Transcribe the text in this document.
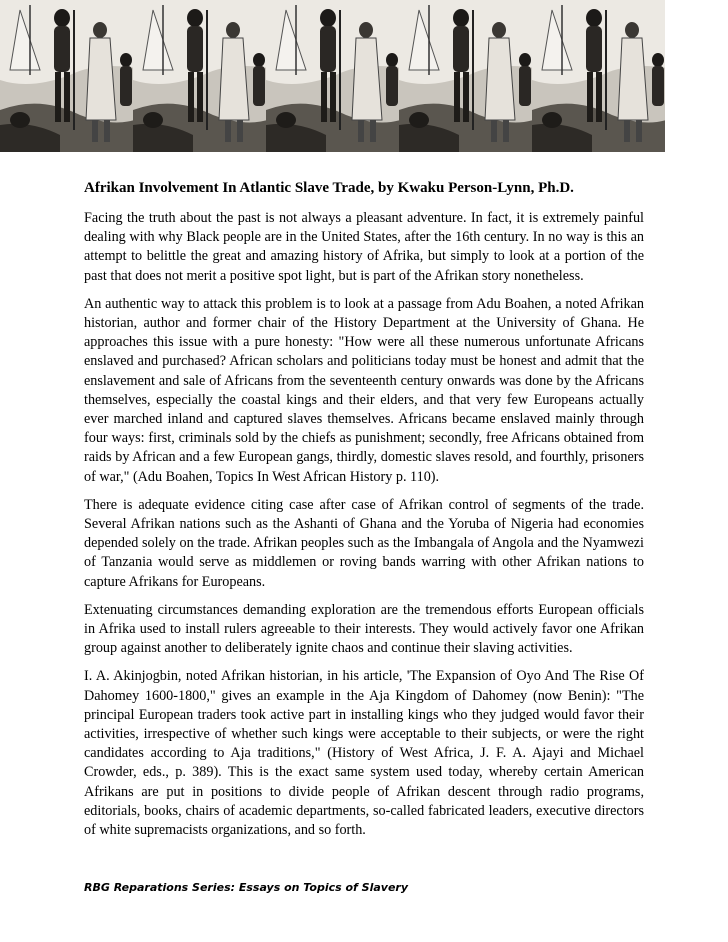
Afrikan Involvement In Atlantic Slave Trade, by Kwaku Person-Lynn, Ph.D.

Facing the truth about the past is not always a pleasant adventure. In fact, it is extremely painful dealing with why Black people are in the United States, after the 16th century. In no way is this an attempt to belittle the great and amazing history of Afrika, but simply to look at a portion of the past that does not merit a positive spot light, but is part of the Afrikan story nonetheless.

An authentic way to attack this problem is to look at a passage from Adu Boahen, a noted Afrikan historian, author and former chair of the History Department at the University of Ghana. He approaches this issue with a pure honesty: "How were all these numerous unfortunate Africans enslaved and purchased? African scholars and politicians today must be honest and admit that the enslavement and sale of Africans from the seventeenth century onwards was done by the Africans themselves, especially the coastal kings and their elders, and that very few Europeans actually ever marched inland and captured slaves themselves. Africans became enslaved mainly through four ways: first, criminals sold by the chiefs as punishment; secondly, free Africans obtained from raids by African and a few European gangs, thirdly, domestic slaves resold, and fourthly, prisoners of war," (Adu Boahen, Topics In West African History p. 110).

There is adequate evidence citing case after case of Afrikan control of segments of the trade. Several Afrikan nations such as the Ashanti of Ghana and the Yoruba of Nigeria had economies depended solely on the trade. Afrikan peoples such as the Imbangala of Angola and the Nyamwezi of Tanzania would serve as middlemen or roving bands warring with other Afrikan nations to capture Afrikans for Europeans.

Extenuating circumstances demanding exploration are the tremendous efforts European officials in Afrika used to install rulers agreeable to their interests. They would actively favor one Afrikan group against another to deliberately ignite chaos and continue their slaving activities.

I. A. Akinjogbin, noted Afrikan historian, in his article, 'The Expansion of Oyo And The Rise Of Dahomey 1600-1800," gives an example in the Aja Kingdom of Dahomey (now Benin): "The principal European traders took active part in installing kings who they judged would favor their activities, irrespective of whether such kings were acceptable to their subjects, or were the right candidates according to Aja traditions," (History of West Africa, J. F. A. Ajayi and Michael Crowder, eds., p. 389). This is the exact same system used today, whereby certain American Afrikans are put in positions to divide people of Afrikan descent through radio programs, editorials, books, chairs of academic departments, so-called fabricated leaders, executive directors of white supremacists organizations, and so forth.

RBG Reparations Series: Essays on Topics of Slavery
